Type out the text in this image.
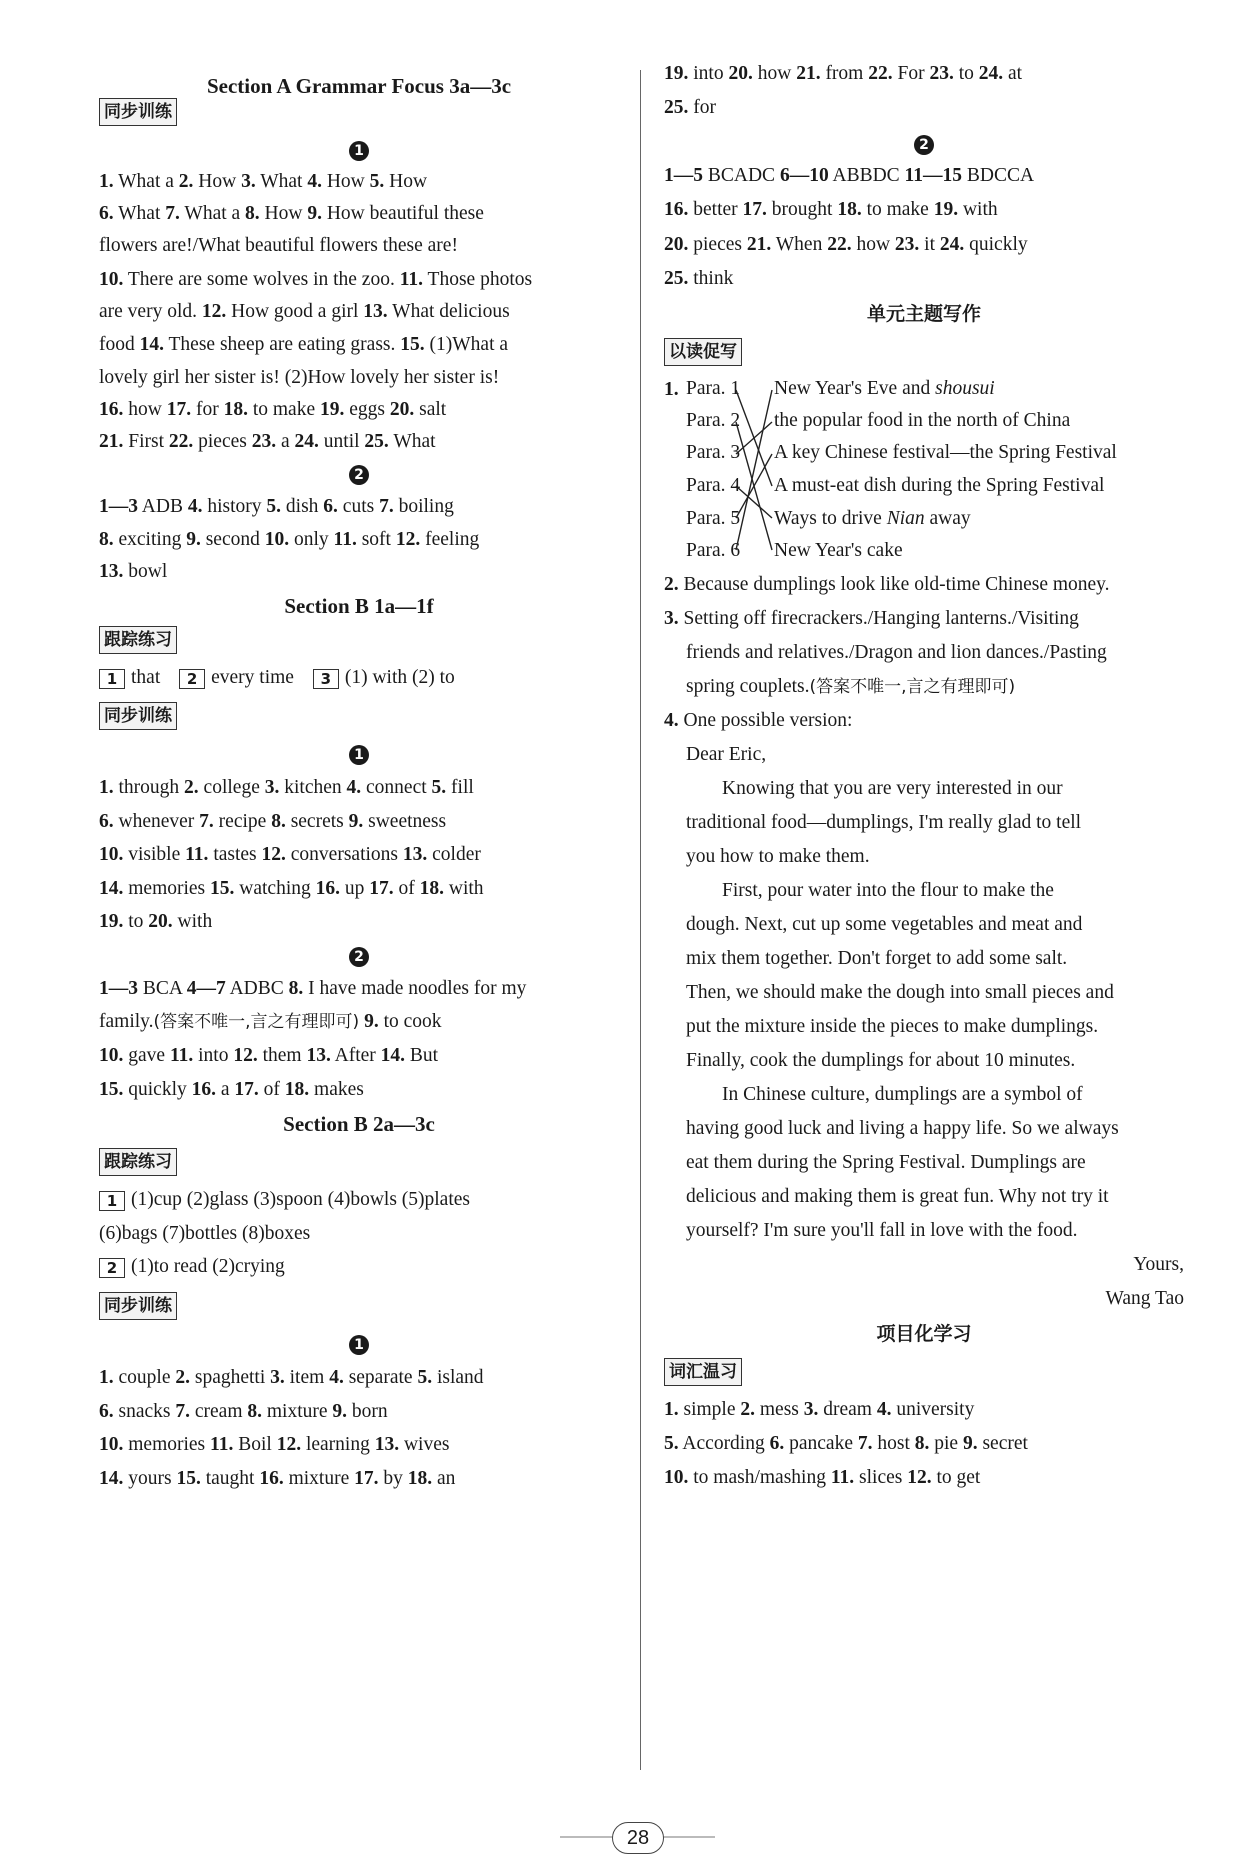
Section A Grammar Focus 3a—3c
同步训练
1
1. What a 2. How 3. What 4. How 5. How
6. What 7. What a 8. How 9. How beautiful these
flowers are!/What beautiful flowers these are!
10. There are some wolves in the zoo. 11. Those photos
are very old. 12. How good a girl 13. What delicious
food 14. These sheep are eating grass. 15. (1)What a
lovely girl her sister is! (2)How lovely her sister is!
16. how 17. for 18. to make 19. eggs 20. salt
21. First 22. pieces 23. a 24. until 25. What
2
1—3 ADB 4. history 5. dish 6. cuts 7. boiling
8. exciting 9. second 10. only 11. soft 12. feeling
13. bowl
Section B 1a—1f
跟踪练习
1 that 2 every time 3 (1) with (2) to
同步训练
1
1. through 2. college 3. kitchen 4. connect 5. fill
6. whenever 7. recipe 8. secrets 9. sweetness
10. visible 11. tastes 12. conversations 13. colder
14. memories 15. watching 16. up 17. of 18. with
19. to 20. with
2
1—3 BCA 4—7 ADBC 8. I have made noodles for my
family.(答案不唯一,言之有理即可) 9. to cook
10. gave 11. into 12. them 13. After 14. But
15. quickly 16. a 17. of 18. makes
Section B 2a—3c
跟踪练习
1 (1)cup (2)glass (3)spoon (4)bowls (5)plates
(6)bags (7)bottles (8)boxes
2 (1)to read (2)crying
同步训练
1
1. couple 2. spaghetti 3. item 4. separate 5. island
6. snacks 7. cream 8. mixture 9. born
10. memories 11. Boil 12. learning 13. wives
14. yours 15. taught 16. mixture 17. by 18. an
19. into 20. how 21. from 22. For 23. to 24. at
25. for
2
1—5 BCADC 6—10 ABBDC 11—15 BDCCA
16. better 17. brought 18. to make 19. with
20. pieces 21. When 22. how 23. it 24. quickly
25. think
单元主题写作
以读促写
1. Para. 1
Para. 2
Para. 3
Para. 4
Para. 5
Para. 6
New Year's Eve and shousui
the popular food in the north of China
A key Chinese festival—the Spring Festival
A must-eat dish during the Spring Festival
Ways to drive Nian away
New Year's cake
2. Because dumplings look like old-time Chinese money.
3. Setting off firecrackers./Hanging lanterns./Visiting
friends and relatives./Dragon and lion dances./Pasting
spring couplets.(答案不唯一,言之有理即可)
4. One possible version:
Dear Eric,
Knowing that you are very interested in our
traditional food—dumplings, I'm really glad to tell
you how to make them.
First, pour water into the flour to make the
dough. Next, cut up some vegetables and meat and
mix them together. Don't forget to add some salt.
Then, we should make the dough into small pieces and
put the mixture inside the pieces to make dumplings.
Finally, cook the dumplings for about 10 minutes.
In Chinese culture, dumplings are a symbol of
having good luck and living a happy life. So we always
eat them during the Spring Festival. Dumplings are
delicious and making them is great fun. Why not try it
yourself? I'm sure you'll fall in love with the food.
Yours,
Wang Tao
项目化学习
词汇温习
1. simple 2. mess 3. dream 4. university
5. According 6. pancake 7. host 8. pie 9. secret
10. to mash/mashing 11. slices 12. to get
28
